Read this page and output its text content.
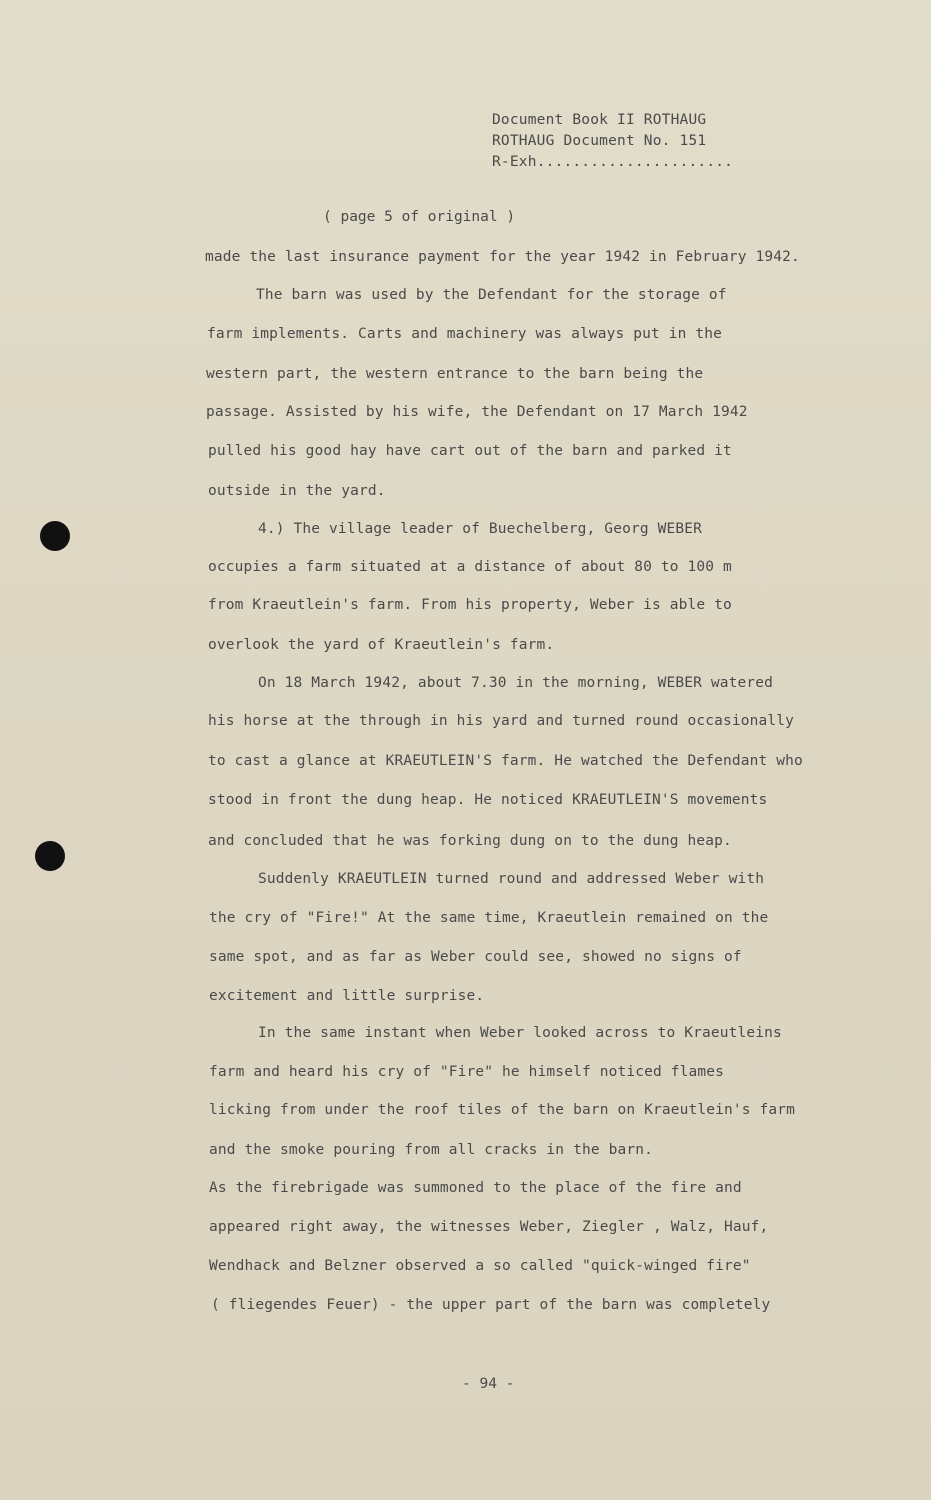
Document Book II ROTHAUG
ROTHAUG Document No. 151
R-Exh......................
( page 5 of original )
made the last insurance payment for the year 1942 in February 1942.
The barn was used by the Defendant for the storage of
farm implements. Carts and machinery was always put in the
western part, the western entrance to the barn being the
passage. Assisted by his wife, the Defendant on 17 March 1942
pulled his good hay have cart out of the barn and parked it
outside in the yard.
4.) The village leader of Buechelberg, Georg WEBER
occupies a farm situated at a distance of about 80 to 100 m
from Kraeutlein's farm. From his property, Weber is able to
overlook the yard of Kraeutlein's farm.
On 18 March 1942, about 7.30 in the morning, WEBER watered
his horse at the through in his yard and turned round occasionally
to cast a glance at KRAEUTLEIN'S farm. He watched the Defendant who
stood in front the dung heap. He noticed KRAEUTLEIN'S movements
and concluded that he was forking dung on to the dung heap.
Suddenly KRAEUTLEIN turned round and addressed Weber with
the cry of "Fire!" At the same time, Kraeutlein remained on the
same spot, and as far as Weber could see, showed no signs of
excitement and little surprise.
In the same instant when Weber looked across to Kraeutleins
farm and heard his cry of "Fire" he himself noticed flames
licking from under the roof tiles of the barn on Kraeutlein's farm
and the smoke pouring from all cracks in the barn.
As the firebrigade was summoned to the place of the fire and
appeared right away, the witnesses Weber, Ziegler , Walz, Hauf,
Wendhack and Belzner observed a so called "quick-winged fire"
( fliegendes Feuer) - the upper part of the barn was completely
- 94 -
